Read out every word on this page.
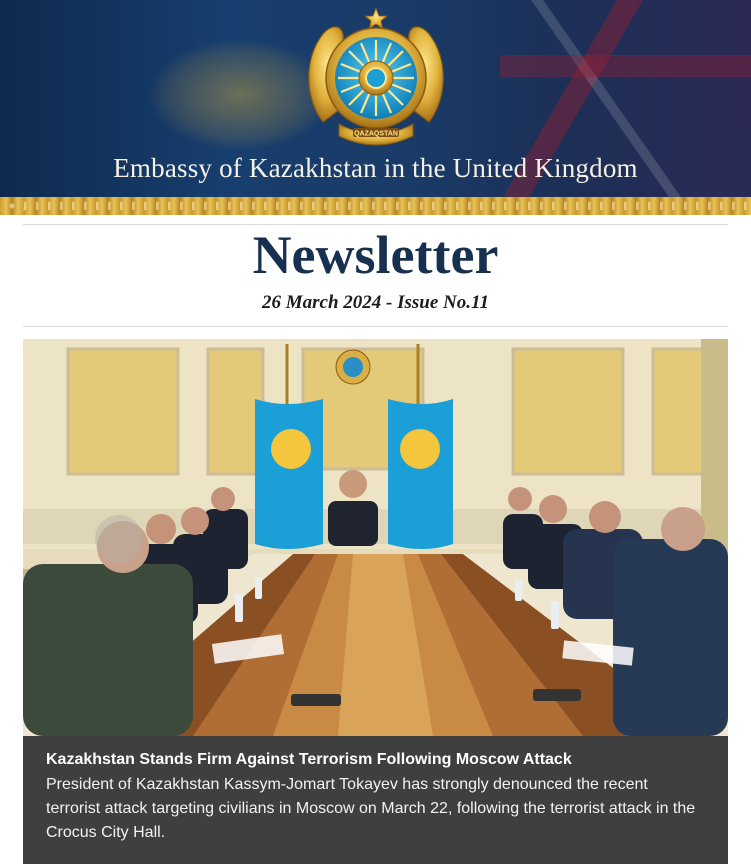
QAZAQSTAN
Embassy of Kazakhstan in the United Kingdom
Newsletter
26 March 2024 - Issue No.11
Kazakhstan Stands Firm Against Terrorism Following Moscow Attack
President of Kazakhstan Kassym-Jomart Tokayev has strongly denounced the recent terrorist attack targeting civilians in Moscow on March 22, following the terrorist attack in the Crocus City Hall.
